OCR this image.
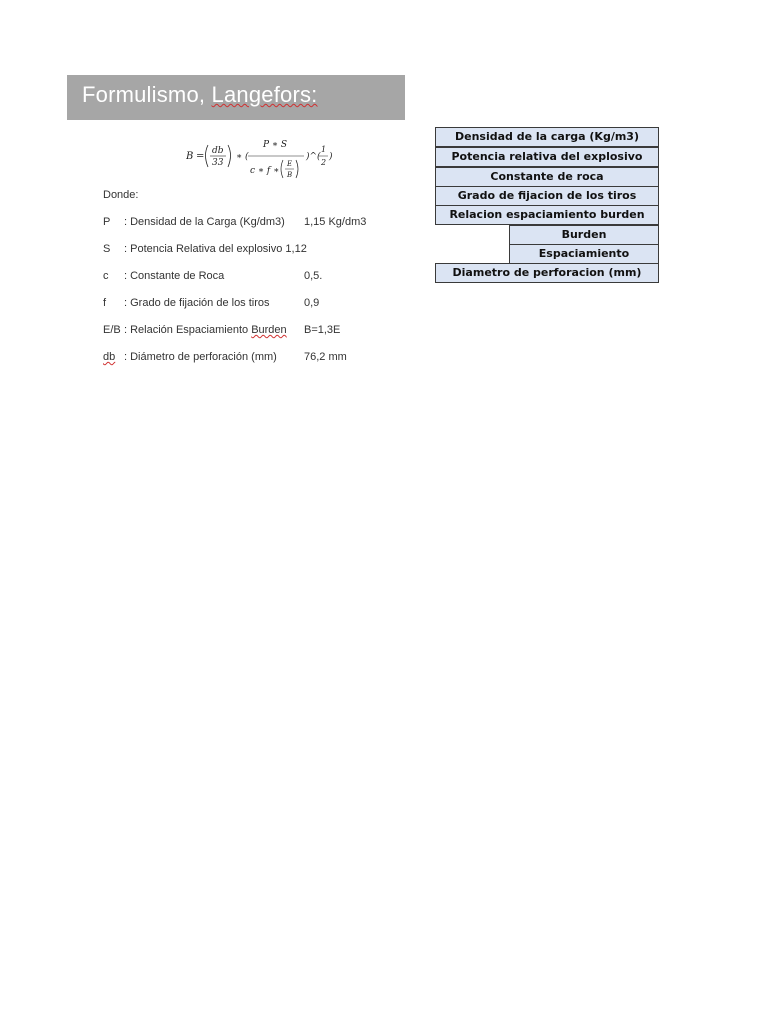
Formulismo, Langefors:
B = db
33
∗ (
P ∗ S
c ∗ f ∗
E
B
)^(
1
2
)
Donde:
P : Densidad de la Carga (Kg/dm3) 1,15 Kg/dm3
S : Potencia Relativa del explosivo 1,12
c : Constante de Roca	0,5.
f : Grado de fijación de los tiros	0,9
E/B : Relación Espaciamiento Burden B=1,3E
db : Diámetro de perforación (mm) 76,2 mm
Densidad de la carga (Kg/m3)
Potencia relativa del explosivo
Constante de roca
Grado de fijacion de los tiros
Relacion espaciamiento burden
Burden
Espaciamiento
Diametro de perforacion (mm)
